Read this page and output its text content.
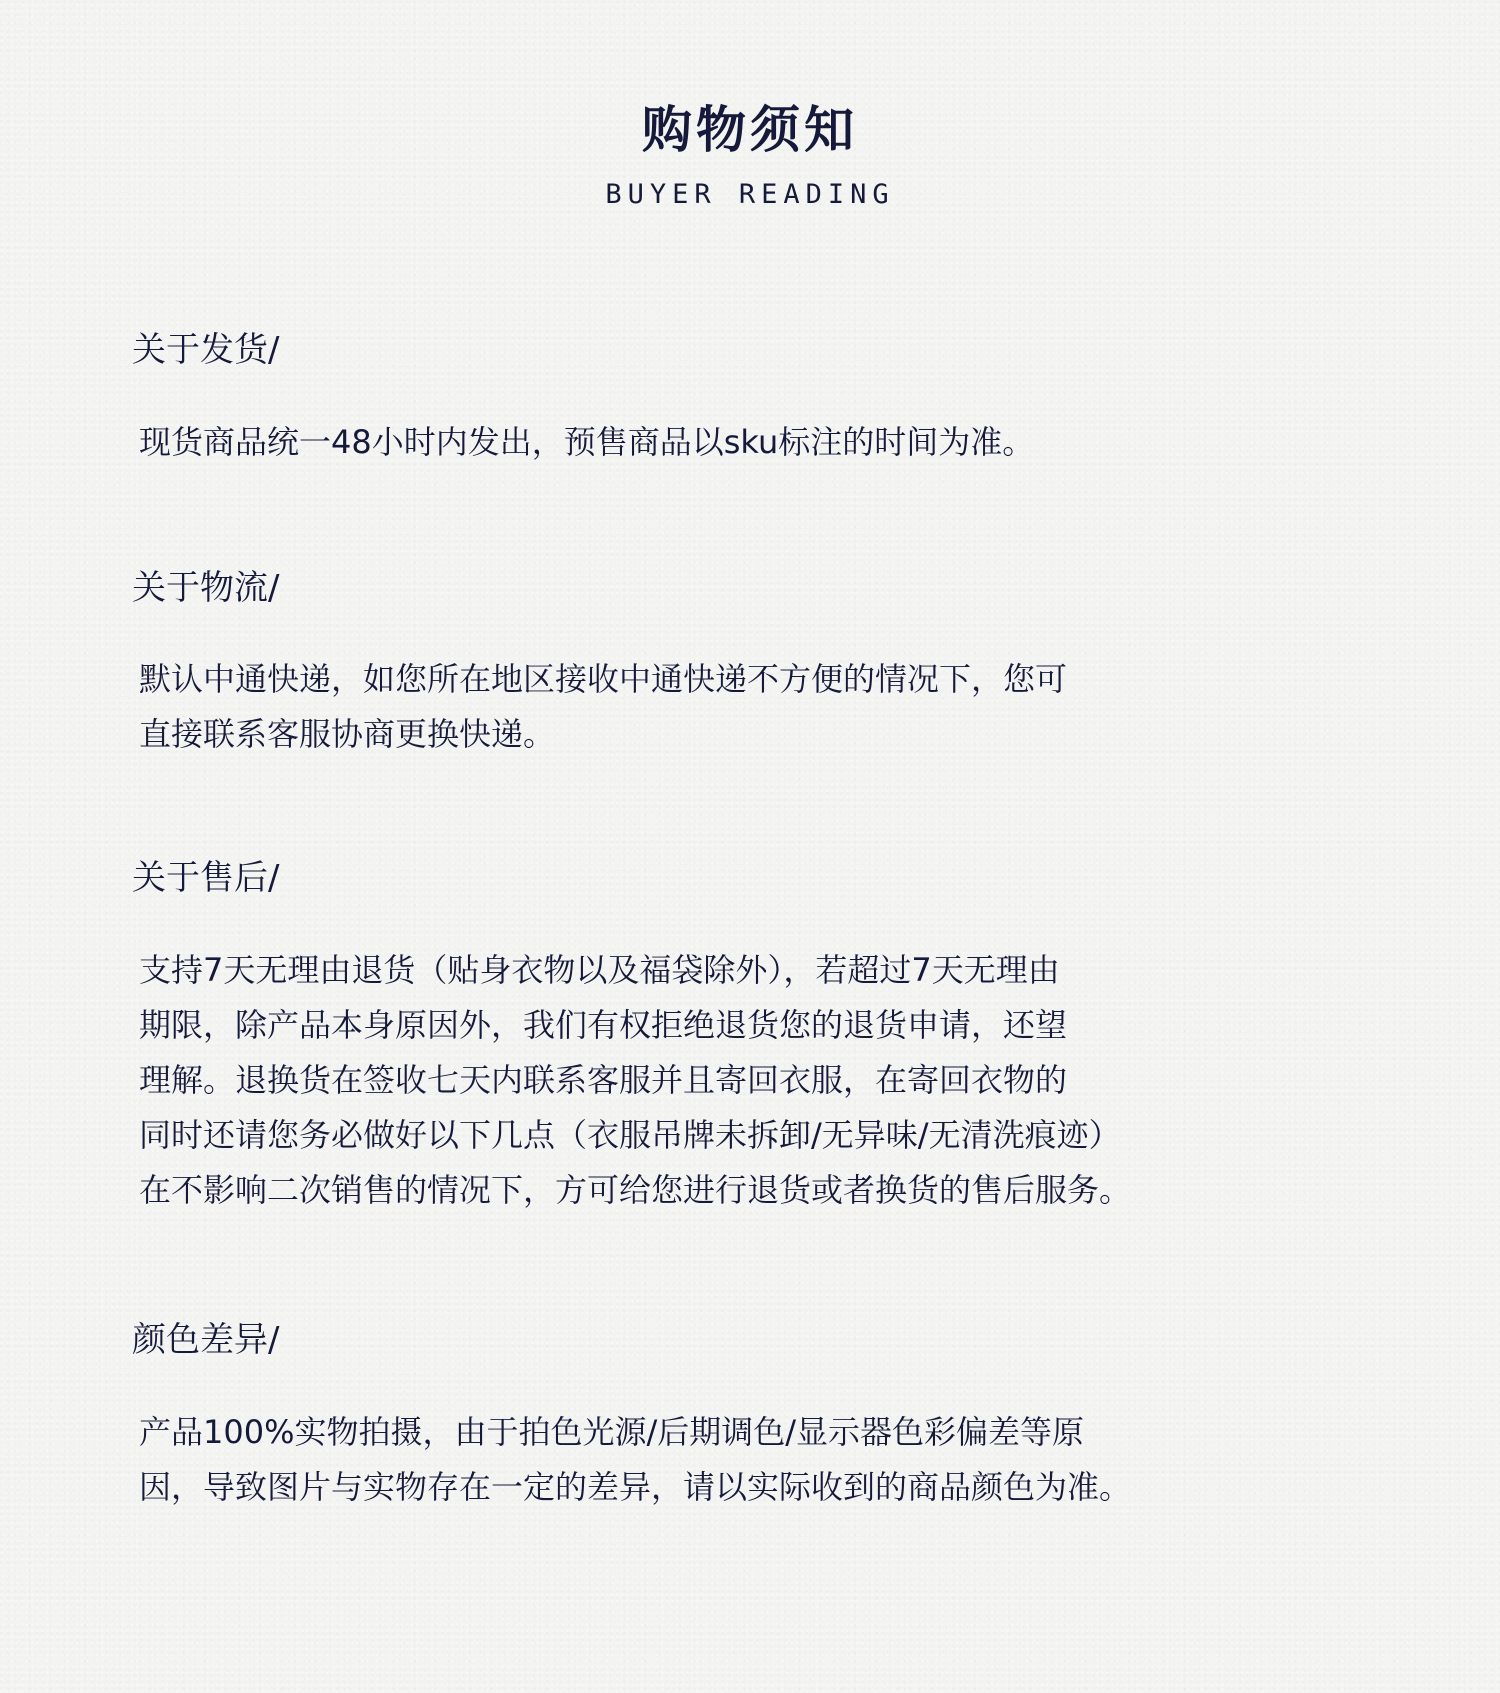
购物须知
BUYER READING
关于发货/
现货商品统一48小时内发出，预售商品以sku标注的时间为准。
关于物流/
默认中通快递，如您所在地区接收中通快递不方便的情况下，您可
直接联系客服协商更换快递。
关于售后/
支持7天无理由退货（贴身衣物以及福袋除外），若超过7天无理由
期限，除产品本身原因外，我们有权拒绝退货您的退货申请，还望
理解。退换货在签收七天内联系客服并且寄回衣服，在寄回衣物的
同时还请您务必做好以下几点（衣服吊牌未拆卸/无异味/无清洗痕迹）
在不影响二次销售的情况下，方可给您进行退货或者换货的售后服务。
颜色差异/
产品100%实物拍摄，由于拍色光源/后期调色/显示器色彩偏差等原
因，导致图片与实物存在一定的差异，请以实际收到的商品颜色为准。
